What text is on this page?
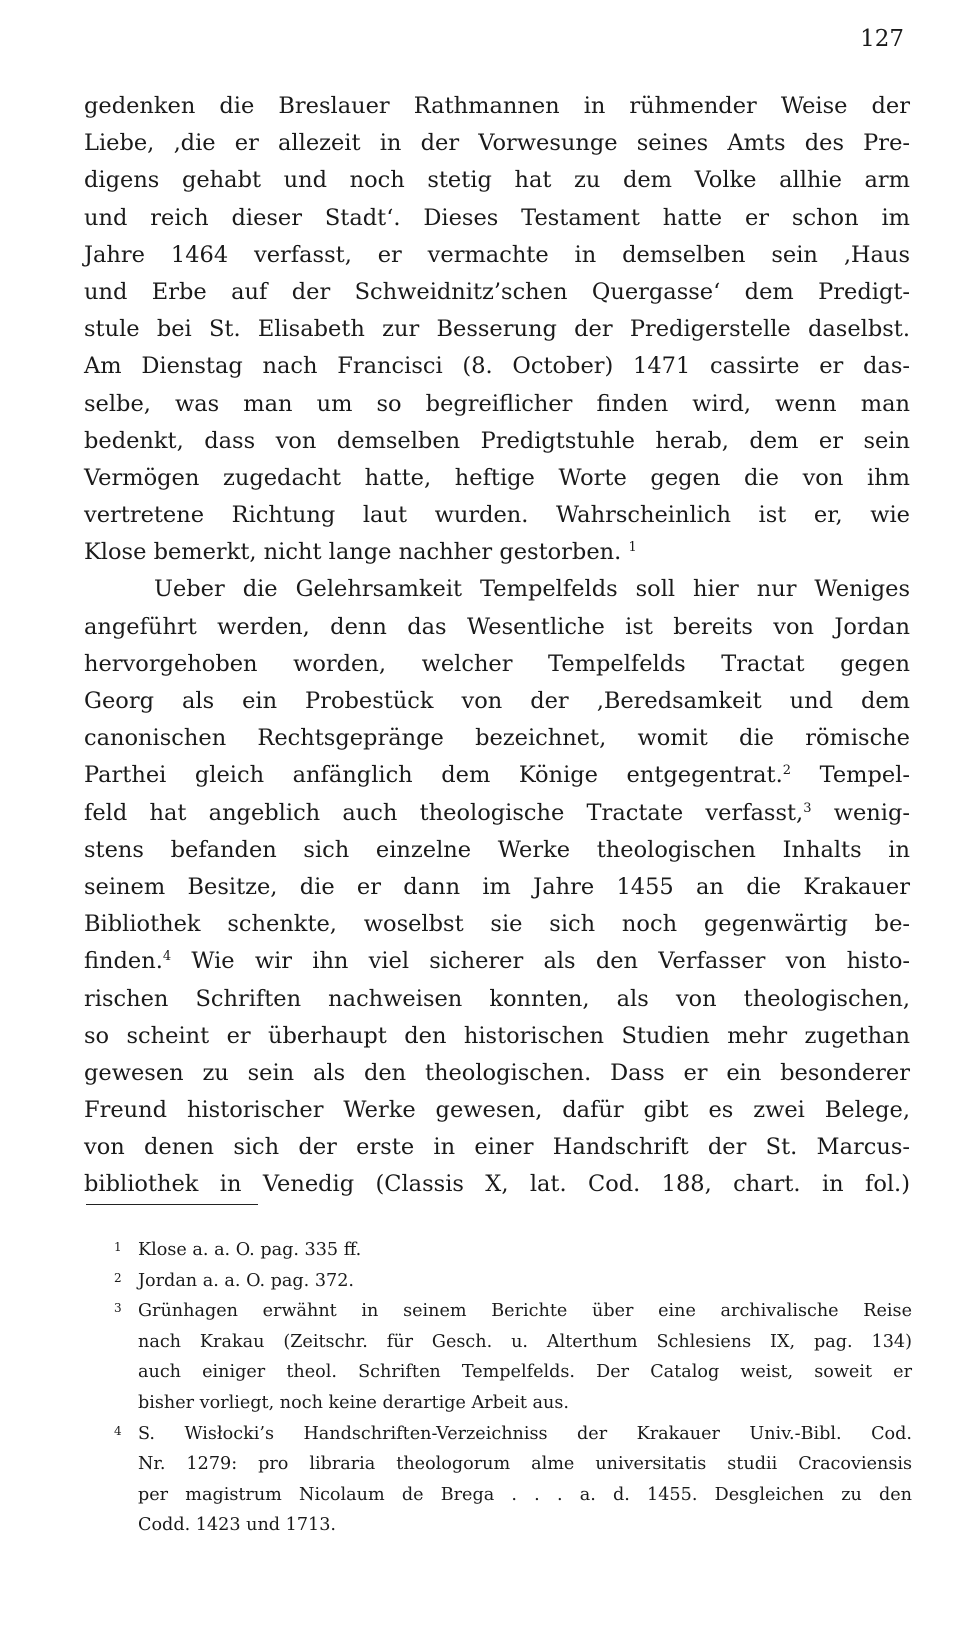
127
gedenken die Breslauer Rathmannen in rühmender Weise der
Liebe, ‚die er allezeit in der Vorwesunge seines Amts des Pre-
digens gehabt und noch stetig hat zu dem Volke allhie arm
und reich dieser Stadt‘. Dieses Testament hatte er schon im
Jahre 1464 verfasst, er vermachte in demselben sein ‚Haus
und Erbe auf der Schweidnitz’schen Quergasse‘ dem Predigt-
stule bei St. Elisabeth zur Besserung der Predigerstelle daselbst.
Am Dienstag nach Francisci (8. October) 1471 cassirte er das-
selbe, was man um so begreiflicher finden wird, wenn man
bedenkt, dass von demselben Predigtstuhle herab, dem er sein
Vermögen zugedacht hatte, heftige Worte gegen die von ihm
vertretene Richtung laut wurden. Wahrscheinlich ist er, wie
Klose bemerkt, nicht lange nachher gestorben. $^1$
Ueber die Gelehrsamkeit Tempelfelds soll hier nur Weniges
angeführt werden, denn das Wesentliche ist bereits von Jordan
hervorgehoben worden, welcher Tempelfelds Tractat gegen
Georg als ein Probestück von der ‚Beredsamkeit und dem
canonischen Rechtsgepränge bezeichnet, womit die römische
Parthei gleich anfänglich dem Könige entgegentrat.$^2$ Tempel-
feld hat angeblich auch theologische Tractate verfasst,$^3$ wenig-
stens befanden sich einzelne Werke theologischen Inhalts in
seinem Besitze, die er dann im Jahre 1455 an die Krakauer
Bibliothek schenkte, woselbst sie sich noch gegenwärtig be-
finden.$^4$ Wie wir ihn viel sicherer als den Verfasser von histo-
rischen Schriften nachweisen konnten, als von theologischen,
so scheint er überhaupt den historischen Studien mehr zugethan
gewesen zu sein als den theologischen. Dass er ein besonderer
Freund historischer Werke gewesen, dafür gibt es zwei Belege,
von denen sich der erste in einer Handschrift der St. Marcus-
bibliothek in Venedig (Classis X, lat. Cod. 188, chart. in fol.)
1 Klose a. a. O. pag. 335 ff.
2 Jordan a. a. O. pag. 372.
3 Grünhagen erwähnt in seinem Berichte über eine archivalische Reise
nach Krakau (Zeitschr. für Gesch. u. Alterthum Schlesiens IX, pag. 134)
auch einiger theol. Schriften Tempelfelds. Der Catalog weist, soweit er
bisher vorliegt, noch keine derartige Arbeit aus.
4 S. Wisłocki’s Handschriften-Verzeichniss der Krakauer Univ.-Bibl. Cod.
Nr. 1279: pro libraria theologorum alme universitatis studii Cracoviensis
per magistrum Nicolaum de Brega . . . a. d. 1455. Desgleichen zu den
Codd. 1423 und 1713.
